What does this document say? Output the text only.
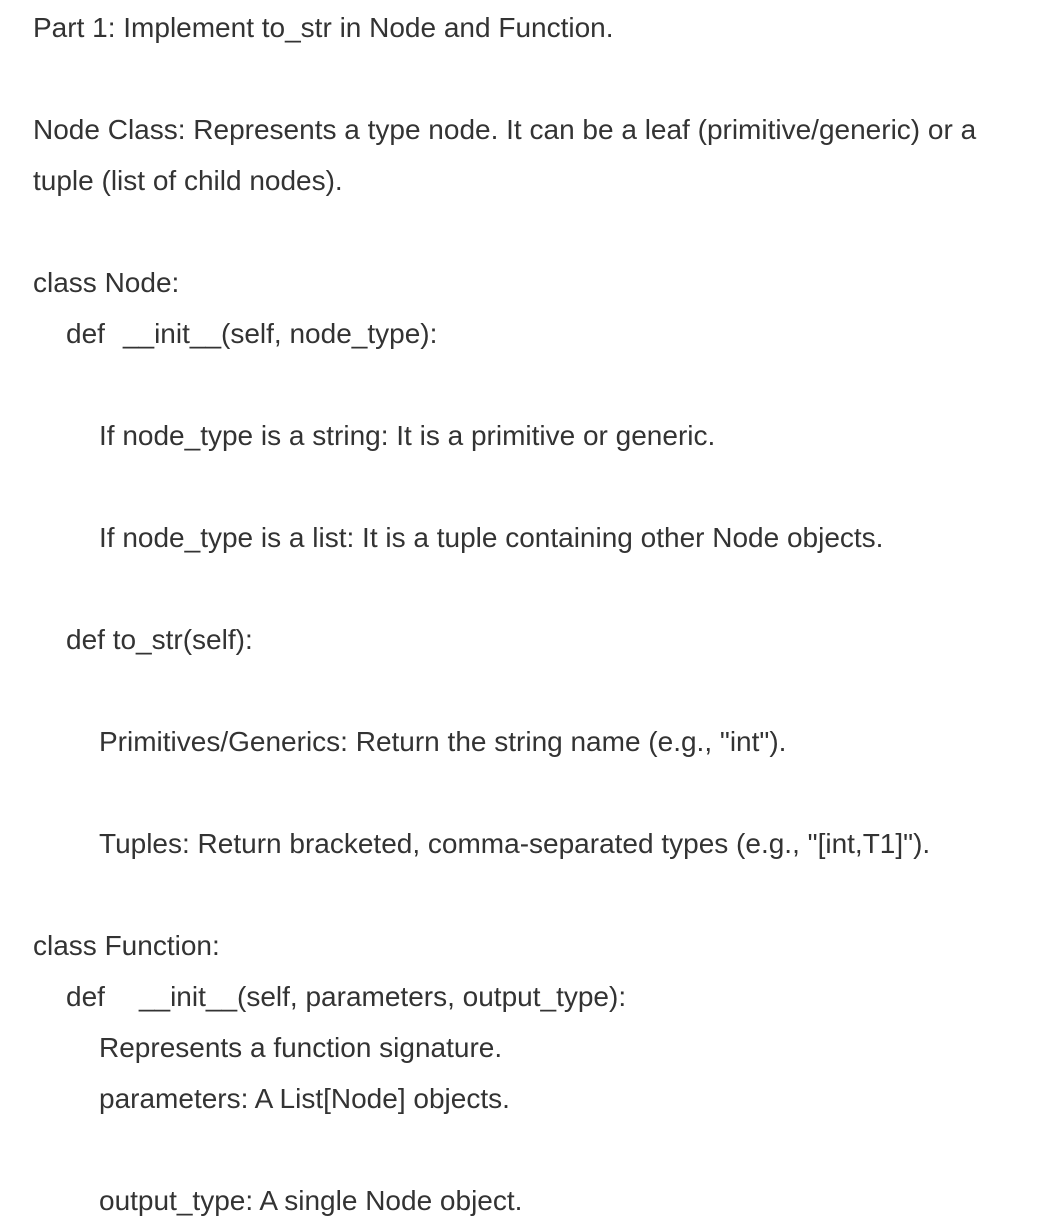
Part 1: Implement to_str in Node and Function.

Node Class: Represents a type node. It can be a leaf (primitive/generic) or a

tuple (list of child nodes).

class Node:

def __init__(self, node_type):

If node_type is a string: It is a primitive or generic.

If node_type is a list: It is a tuple containing other Node objects.

def to_str(self):

Primitives/Generics: Return the string name (e.g., "int").

Tuples: Return bracketed, comma-separated types (e.g., "[int,T1]").

class Function:

def __init__(self, parameters, output_type):

Represents a function signature.

parameters: A List[Node] objects.

output_type: A single Node object.
